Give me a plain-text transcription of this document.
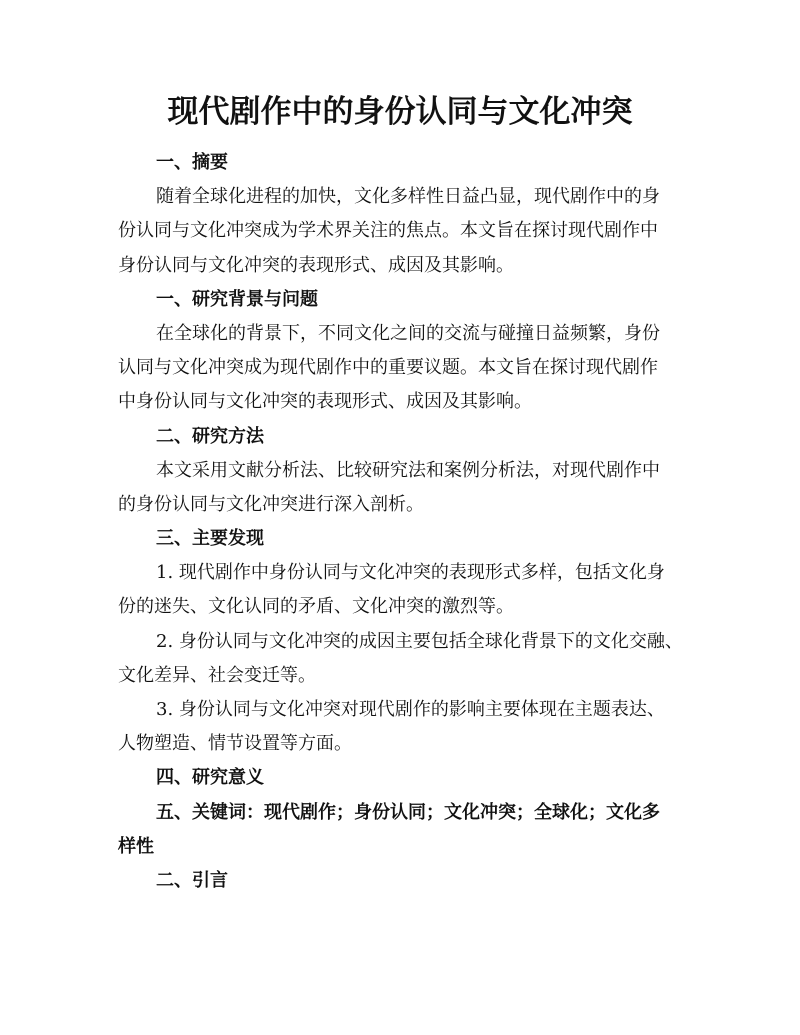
现代剧作中的身份认同与文化冲突
一、摘要
随着全球化进程的加快，文化多样性日益凸显，现代剧作中的身
份认同与文化冲突成为学术界关注的焦点。本文旨在探讨现代剧作中
身份认同与文化冲突的表现形式、成因及其影响。
一、研究背景与问题
在全球化的背景下，不同文化之间的交流与碰撞日益频繁，身份
认同与文化冲突成为现代剧作中的重要议题。本文旨在探讨现代剧作
中身份认同与文化冲突的表现形式、成因及其影响。
二、研究方法
本文采用文献分析法、比较研究法和案例分析法，对现代剧作中
的身份认同与文化冲突进行深入剖析。
三、主要发现
1. 现代剧作中身份认同与文化冲突的表现形式多样，包括文化身
份的迷失、文化认同的矛盾、文化冲突的激烈等。
2. 身份认同与文化冲突的成因主要包括全球化背景下的文化交融、
文化差异、社会变迁等。
3. 身份认同与文化冲突对现代剧作的影响主要体现在主题表达、
人物塑造、情节设置等方面。
四、研究意义
五、关键词：现代剧作；身份认同；文化冲突；全球化；文化多
样性
二、引言
